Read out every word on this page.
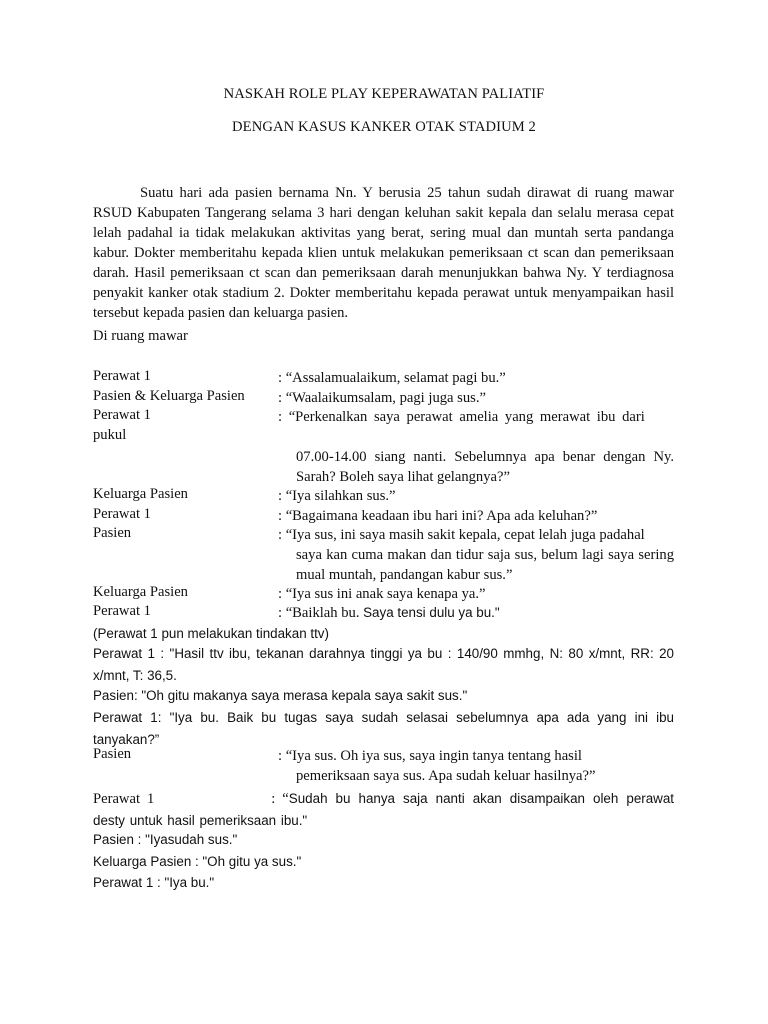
NASKAH ROLE PLAY KEPERAWATAN PALIATIF
DENGAN KASUS KANKER OTAK STADIUM 2
Suatu hari ada pasien bernama Nn. Y berusia 25 tahun sudah dirawat di ruang mawar RSUD Kabupaten Tangerang selama 3 hari dengan keluhan sakit kepala dan selalu merasa cepat lelah padahal ia tidak melakukan aktivitas yang berat, sering mual dan muntah serta pandanga kabur. Dokter memberitahu kepada klien untuk melakukan pemeriksaan ct scan dan pemeriksaan darah. Hasil pemeriksaan ct scan dan pemeriksaan darah menunjukkan bahwa Ny. Y terdiagnosa penyakit kanker otak stadium 2. Dokter memberitahu kepada perawat untuk menyampaikan hasil tersebut kepada pasien dan keluarga pasien.
Di ruang mawar
Perawat 1	: “Assalamualaikum, selamat pagi bu.”
Pasien & Keluarga Pasien : “Waalaikumsalam, pagi juga sus.”
Perawat 1	: “Perkenalkan saya perawat amelia yang merawat ibu dari
pukul
07.00-14.00 siang nanti. Sebelumnya apa benar dengan Ny. Sarah? Boleh saya lihat gelangnya?”
Keluarga Pasien	: “Iya silahkan sus.”
Perawat 1	: “Bagaimana keadaan ibu hari ini? Apa ada keluhan?”
Pasien	: “Iya sus, ini saya masih sakit kepala, cepat lelah juga padahal
saya kan cuma makan dan tidur saja sus, belum lagi saya sering mual muntah, pandangan kabur sus.”
Keluarga Pasien	: “Iya sus ini anak saya kenapa ya.”
Perawat 1	: “Baiklah bu. Saya tensi dulu ya bu."
(Perawat 1 pun melakukan tindakan ttv)
Perawat 1 : "Hasil ttv ibu, tekanan darahnya tinggi ya bu : 140/90 mmhg, N: 80 x/mnt, RR: 20 x/mnt, T: 36,5.
Pasien: "Oh gitu makanya saya merasa kepala saya sakit sus."
Perawat 1: "Iya bu. Baik bu tugas saya sudah selasai sebelumnya apa ada yang ini ibu tanyakan?”
Pasien	: “Iya sus. Oh iya sus, saya ingin tanya tentang hasil
pemeriksaan saya sus. Apa sudah keluar hasilnya?”
Perawat 1	: “Sudah bu hanya saja nanti akan disampaikan oleh perawat desty untuk hasil pemeriksaan ibu."
Pasien : "Iyasudah sus."
Keluarga Pasien : "Oh gitu ya sus."
Perawat 1 : "Iya bu."
